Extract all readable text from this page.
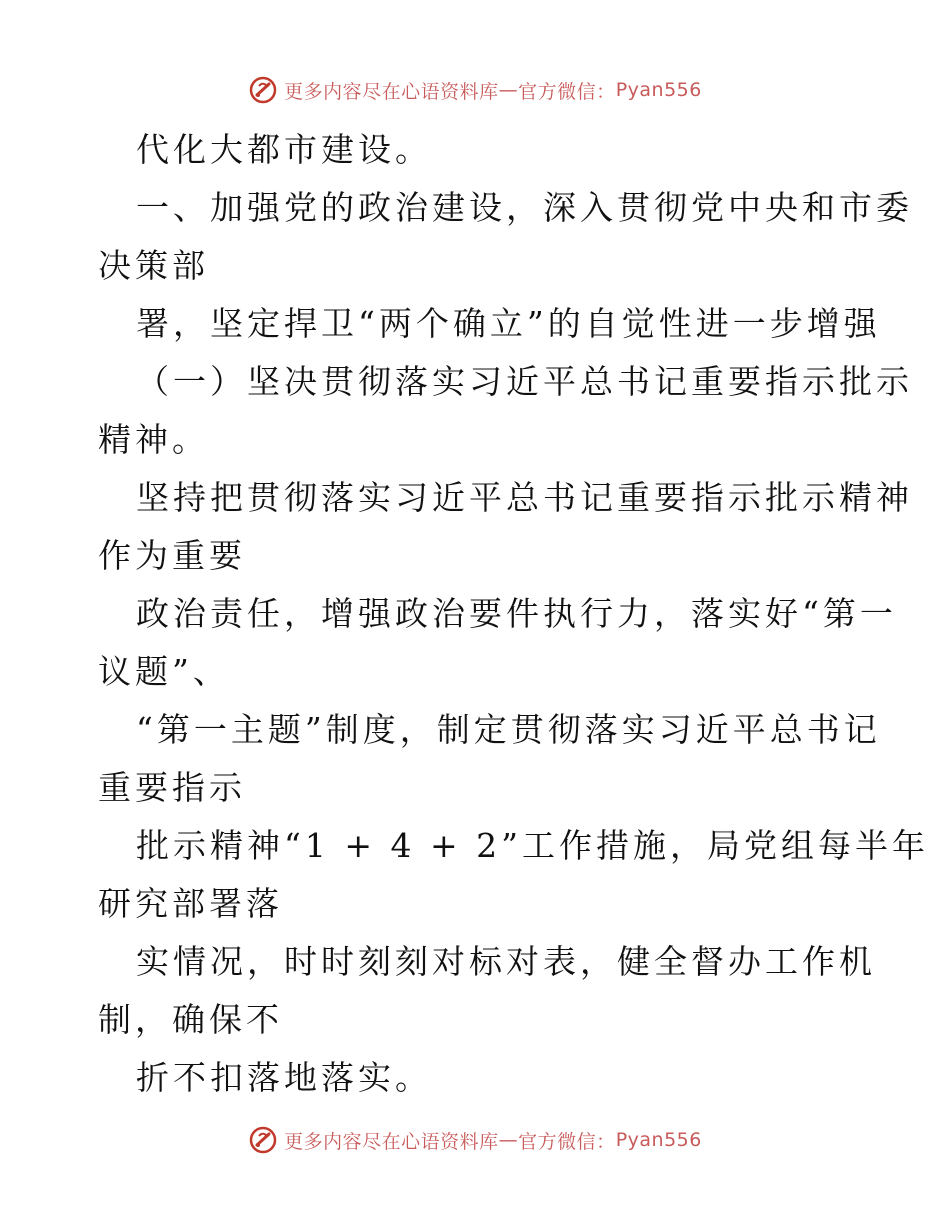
更多内容尽在心语资料库 — 官方微信： Pyan556
代化大都市建设。
一、加强党的政治建设，深入贯彻党中央和市委
决策部
署，坚定捍卫“两个确立”的自觉性进一步增强
（一）坚决贯彻落实习近平总书记重要指示批示
精神。
坚持把贯彻落实习近平总书记重要指示批示精神
作为重要
政治责任，增强政治要件执行力，落实好“第一
议题”、
“第一主题”制度，制定贯彻落实习近平总书记
重要指示
批示精神“1 + 4 + 2”工作措施，局党组每半年
研究部署落
实情况，时时刻刻对标对表，健全督办工作机
制，确保不
折不扣落地落实。
更多内容尽在心语资料库 — 官方微信： Pyan556
